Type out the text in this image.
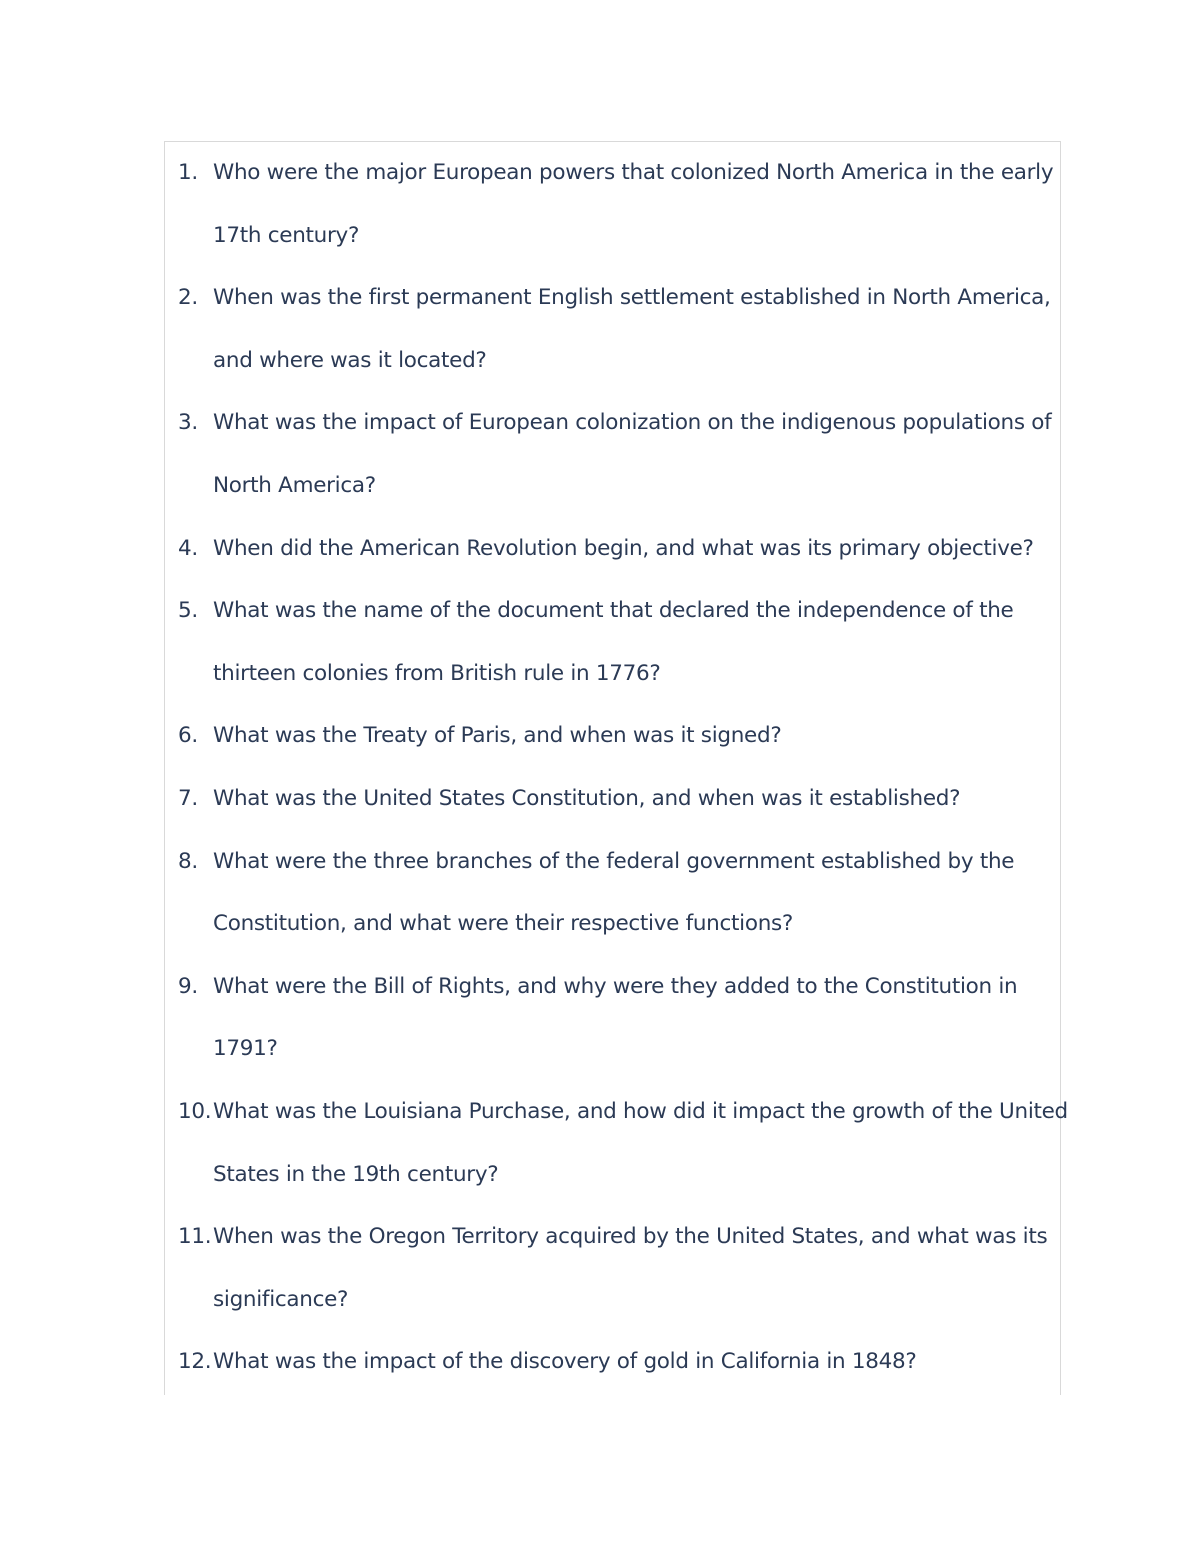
1. Who were the major European powers that colonized North America in the early
17th century?
2. When was the first permanent English settlement established in North America,
and where was it located?
3. What was the impact of European colonization on the indigenous populations of
North America?
4. When did the American Revolution begin, and what was its primary objective?
5. What was the name of the document that declared the independence of the
thirteen colonies from British rule in 1776?
6. What was the Treaty of Paris, and when was it signed?
7. What was the United States Constitution, and when was it established?
8. What were the three branches of the federal government established by the
Constitution, and what were their respective functions?
9. What were the Bill of Rights, and why were they added to the Constitution in
1791?
10. What was the Louisiana Purchase, and how did it impact the growth of the United
States in the 19th century?
11. When was the Oregon Territory acquired by the United States, and what was its
significance?
12. What was the impact of the discovery of gold in California in 1848?
